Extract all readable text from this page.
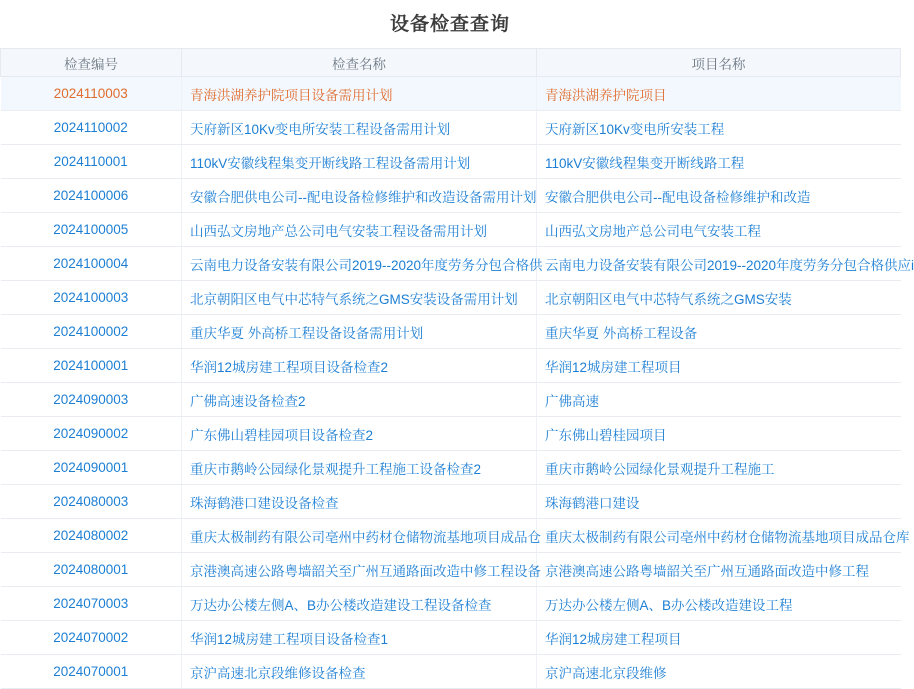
设备检查查询
检查编号	检查名称	项目名称
2024110003	青海洪湖养护院项目设备需用计划	青海洪湖养护院项目
2024110002	天府新区10Kv变电所安装工程设备需用计划	天府新区10Kv变电所安装工程
2024110001	110kV安徽线程集变开断线路工程设备需用计划	110kV安徽线程集变开断线路工程
2024100006	安徽合肥供电公司--配电设备检修维护和改造设备需用计划	安徽合肥供电公司--配电设备检修维护和改造
2024100005	山西弘文房地产总公司电气安装工程设备需用计划	山西弘文房地产总公司电气安装工程
2024100004	云南电力设备安装有限公司2019--2020年度劳务分包合格供	云南电力设备安装有限公司2019--2020年度劳务分包合格供应i
2024100003	北京朝阳区电气中芯特气系统之GMS安装设备需用计划	北京朝阳区电气中芯特气系统之GMS安装
2024100002	重庆华夏 外高桥工程设备设备需用计划	重庆华夏 外高桥工程设备
2024100001	华润12城房建工程项目设备检查2	华润12城房建工程项目
2024090003	广佛高速设备检查2	广佛高速
2024090002	广东佛山碧桂园项目设备检查2	广东佛山碧桂园项目
2024090001	重庆市鹅岭公园绿化景观提升工程施工设备检查2	重庆市鹅岭公园绿化景观提升工程施工
2024080003	珠海鹤港口建设设备检查	珠海鹤港口建设
2024080002	重庆太极制药有限公司亳州中药材仓储物流基地项目成品仓	重庆太极制药有限公司亳州中药材仓储物流基地项目成品仓库
2024080001	京港澳高速公路粤墙韶关至广州互通路面改造中修工程设备	京港澳高速公路粤墙韶关至广州互通路面改造中修工程
2024070003	万达办公楼左侧A、B办公楼改造建设工程设备检查	万达办公楼左侧A、B办公楼改造建设工程
2024070002	华润12城房建工程项目设备检查1	华润12城房建工程项目
2024070001	京沪高速北京段维修设备检查	京沪高速北京段维修
